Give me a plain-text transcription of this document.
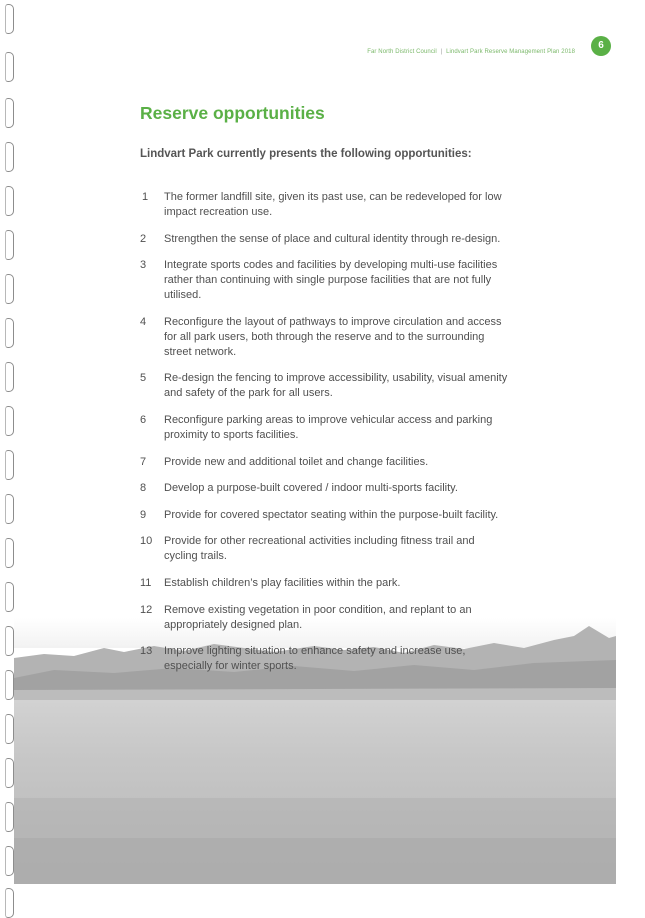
Far North District Council | Lindvart Park Reserve Management Plan 2018
6
Reserve opportunities

Lindvart Park currently presents the following opportunities:

1 The former landfill site, given its past use, can be redeveloped for low impact recreation use.
2 Strengthen the sense of place and cultural identity through re-design.
3 Integrate sports codes and facilities by developing multi-use facilities rather than continuing with single purpose facilities that are not fully utilised.
4 Reconfigure the layout of pathways to improve circulation and access for all park users, both through the reserve and to the surrounding street network.
5 Re-design the fencing to improve accessibility, usability, visual amenity and safety of the park for all users.
6 Reconfigure parking areas to improve vehicular access and parking proximity to sports facilities.
7 Provide new and additional toilet and change facilities.
8 Develop a purpose-built covered / indoor multi-sports facility.
9 Provide for covered spectator seating within the purpose-built facility.
10 Provide for other recreational activities including fitness trail and cycling trails.
11 Establish children’s play facilities within the park.
12 Remove existing vegetation in poor condition, and replant to an appropriately designed plan.
13 Improve lighting situation to enhance safety and increase use, especially for winter sports.
